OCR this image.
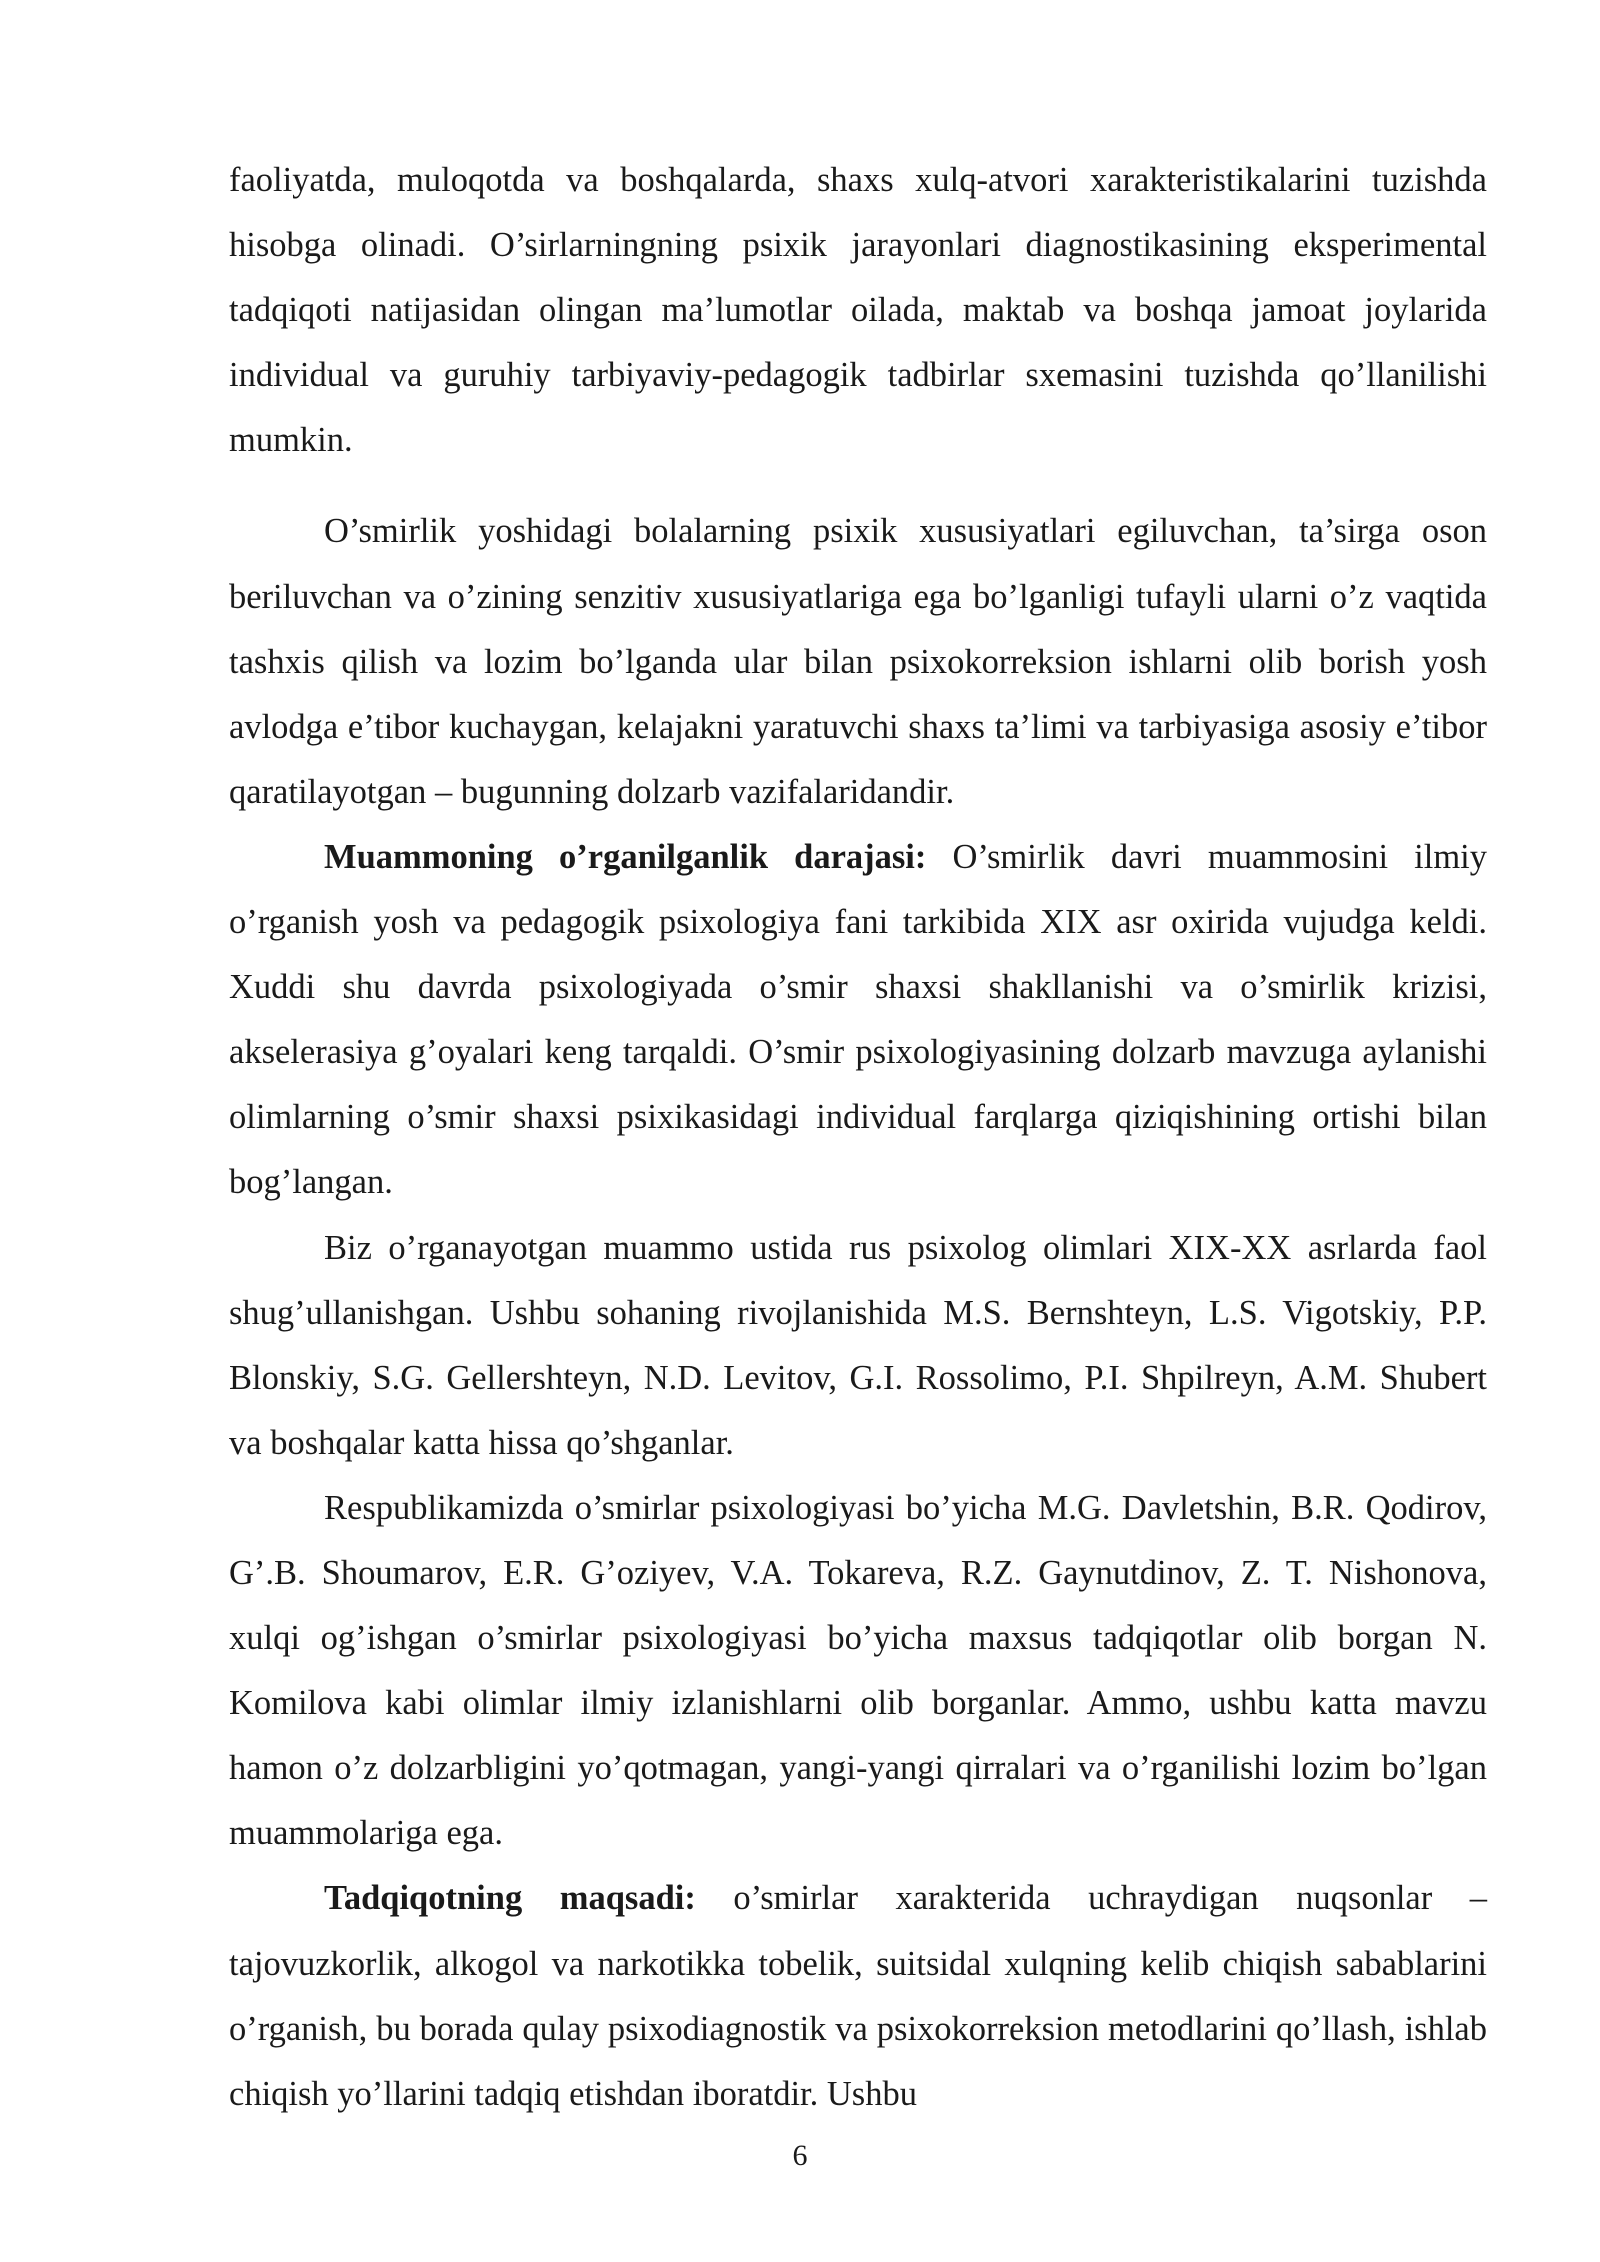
faoliyatda, muloqotda va boshqalarda, shaxs xulq-atvori xarakteristikalarini tuzishda hisobga olinadi. O’sirlarningning psixik jarayonlari diagnostikasining eksperimental tadqiqoti natijasidan olingan ma’lumotlar oilada, maktab va boshqa jamoat joylarida individual va guruhiy tarbiyaviy-pedagogik tadbirlar sxemasini tuzishda qo’llanilishi mumkin.

O’smirlik yoshidagi bolalarning psixik xususiyatlari egiluvchan, ta’sirga oson beriluvchan va o’zining senzitiv xususiyatlariga ega bo’lganligi tufayli ularni o’z vaqtida tashxis qilish va lozim bo’lganda ular bilan psixokorreksion ishlarni olib borish yosh avlodga e’tibor kuchaygan, kelajakni yaratuvchi shaxs ta’limi va tarbiyasiga asosiy e’tibor qaratilayotgan – bugunning dolzarb vazifalaridandir.

Muammoning o’rganilganlik darajasi: O’smirlik davri muammosini ilmiy o’rganish yosh va pedagogik psixologiya fani tarkibida XIX asr oxirida vujudga keldi. Xuddi shu davrda psixologiyada o’smir shaxsi shakllanishi va o’smirlik krizisi, akselerasiya g’oyalari keng tarqaldi. O’smir psixologiyasining dolzarb mavzuga aylanishi olimlarning o’smir shaxsi psixikasidagi individual farqlarga qiziqishining ortishi bilan bog’langan.

Biz o’rganayotgan muammo ustida rus psixolog olimlari XIX-XX asrlarda faol shug’ullanishgan. Ushbu sohaning rivojlanishida M.S. Bernshteyn, L.S. Vigotskiy, P.P. Blonskiy, S.G. Gellershteyn, N.D. Levitov, G.I. Rossolimo, P.I. Shpilreyn, A.M. Shubert va boshqalar katta hissa qo’shganlar.

Respublikamizda o’smirlar psixologiyasi bo’yicha M.G. Davletshin, B.R. Qodirov, G’.B. Shoumarov, E.R. G’oziyev, V.A. Tokareva, R.Z. Gaynutdinov, Z. T. Nishonova, xulqi og’ishgan o’smirlar psixologiyasi bo’yicha maxsus tadqiqotlar olib borgan N. Komilova kabi olimlar ilmiy izlanishlarni olib borganlar. Ammo, ushbu katta mavzu hamon o’z dolzarbligini yo’qotmagan, yangi-yangi qirralari va o’rganilishi lozim bo’lgan muammolariga ega.

Tadqiqotning maqsadi: o’smirlar xarakterida uchraydigan nuqsonlar – tajovuzkorlik, alkogol va narkotikka tobelik, suitsidal xulqning kelib chiqish sabablarini o’rganish, bu borada qulay psixodiagnostik va psixokorreksion metodlarini qo’llash, ishlab chiqish yo’llarini tadqiq etishdan iboratdir. Ushbu

6
